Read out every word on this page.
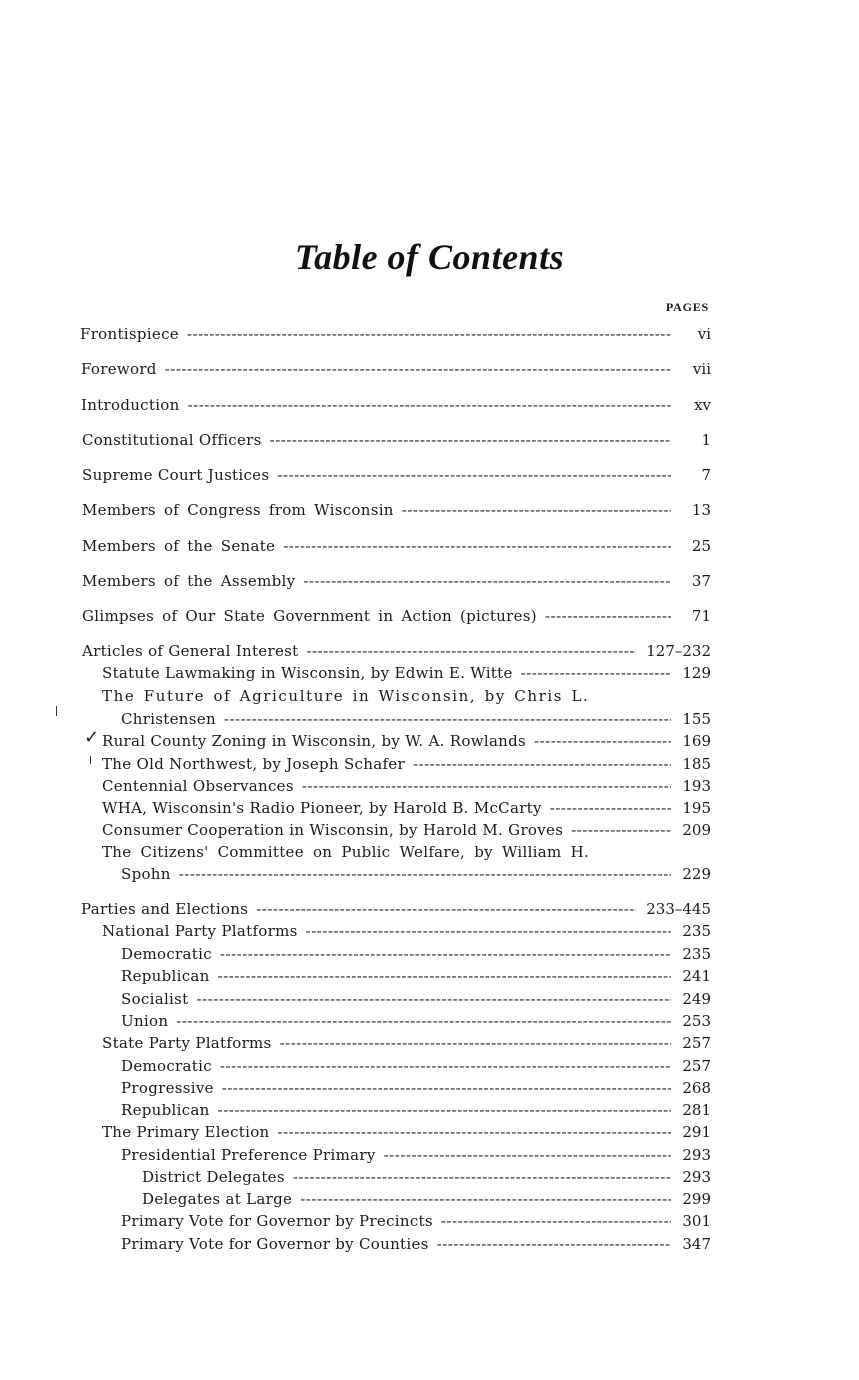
Table of Contents
PAGES
Frontispiece -----	vi
Foreword -----	vii
Introduction -----	xv
Constitutional Officers -----	1
Supreme Court Justices -----	7
Members of Congress from Wisconsin -----	13
Members of the Senate -----	25
Members of the Assembly -----	37
Glimpses of Our State Government in Action (pictures) -----	71
Articles of General Interest -----	127–232
Statute Lawmaking in Wisconsin, by Edwin E. Witte -----	129
The Future of Agriculture in Wisconsin, by Chris L.
Christensen -----	155
Rural County Zoning in Wisconsin, by W. A. Rowlands -----	169
The Old Northwest, by Joseph Schafer -----	185
Centennial Observances -----	193
WHA, Wisconsin's Radio Pioneer, by Harold B. McCarty -----	195
Consumer Cooperation in Wisconsin, by Harold M. Groves -----	209
The Citizens' Committee on Public Welfare, by William H.
Spohn -----	229
Parties and Elections -----	233–445
National Party Platforms -----	235
Democratic -----	235
Republican -----	241
Socialist -----	249
Union -----	253
State Party Platforms -----	257
Democratic -----	257
Progressive -----	268
Republican -----	281
The Primary Election -----	291
Presidential Preference Primary -----	293
District Delegates -----	293
Delegates at Large -----	299
Primary Vote for Governor by Precincts -----	301
Primary Vote for Governor by Counties -----	347
✓
